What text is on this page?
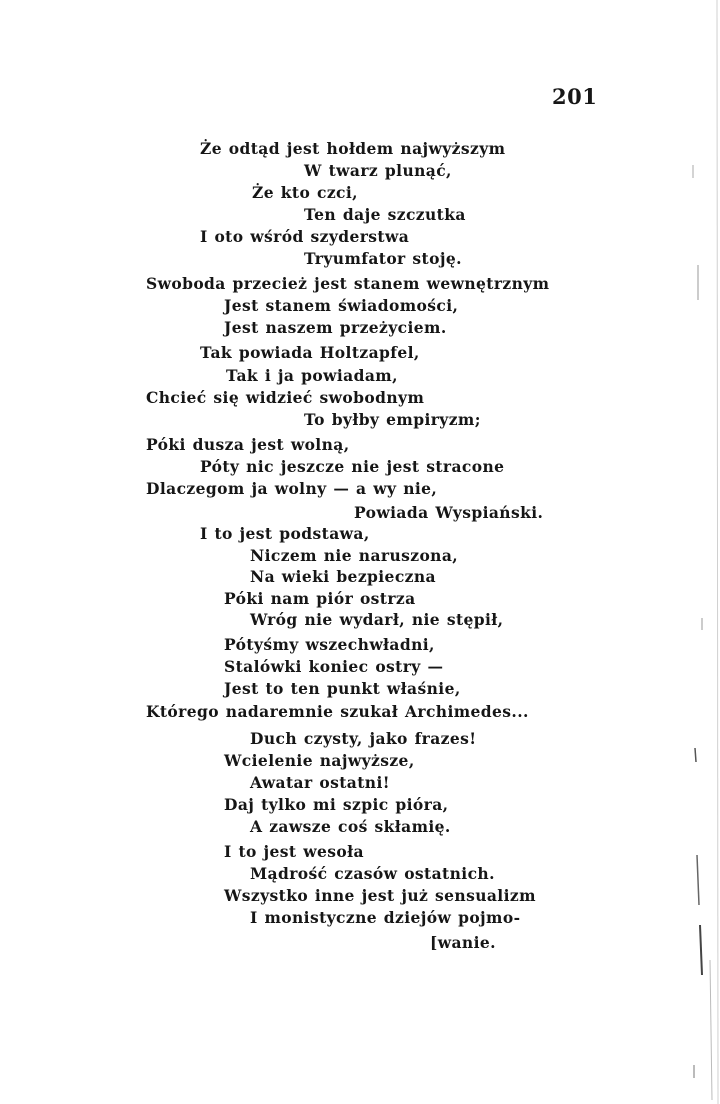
201
Że odtąd jest hołdem najwyższym
W twarz plunąć,
Że kto czci,
Ten daje szczutka
I oto wśród szyderstwa
Tryumfator stoję.
Swoboda przecież jest stanem wewnętrznym
Jest stanem świadomości,
Jest naszem przeżyciem.
Tak powiada Holtzapfel,
Tak i ja powiadam,
Chcieć się widzieć swobodnym
To byłby empiryzm;
Póki dusza jest wolną,
Póty nic jeszcze nie jest stracone
Dlaczegom ja wolny — a wy nie,
Powiada Wyspiański.
I to jest podstawa,
Niczem nie naruszona,
Na wieki bezpieczna
Póki nam piór ostrza
Wróg nie wydarł, nie stępił,
Pótyśmy wszechwładni,
Stalówki koniec ostry —
Jest to ten punkt właśnie,
Którego nadaremnie szukał Archimedes...
Duch czysty, jako frazes!
Wcielenie najwyższe,
Awatar ostatni!
Daj tylko mi szpic pióra,
A zawsze coś skłamię.
I to jest wesoła
Mądrość czasów ostatnich.
Wszystko inne jest już sensualizm
I monistyczne dziejów pojmo-
[wanie.
